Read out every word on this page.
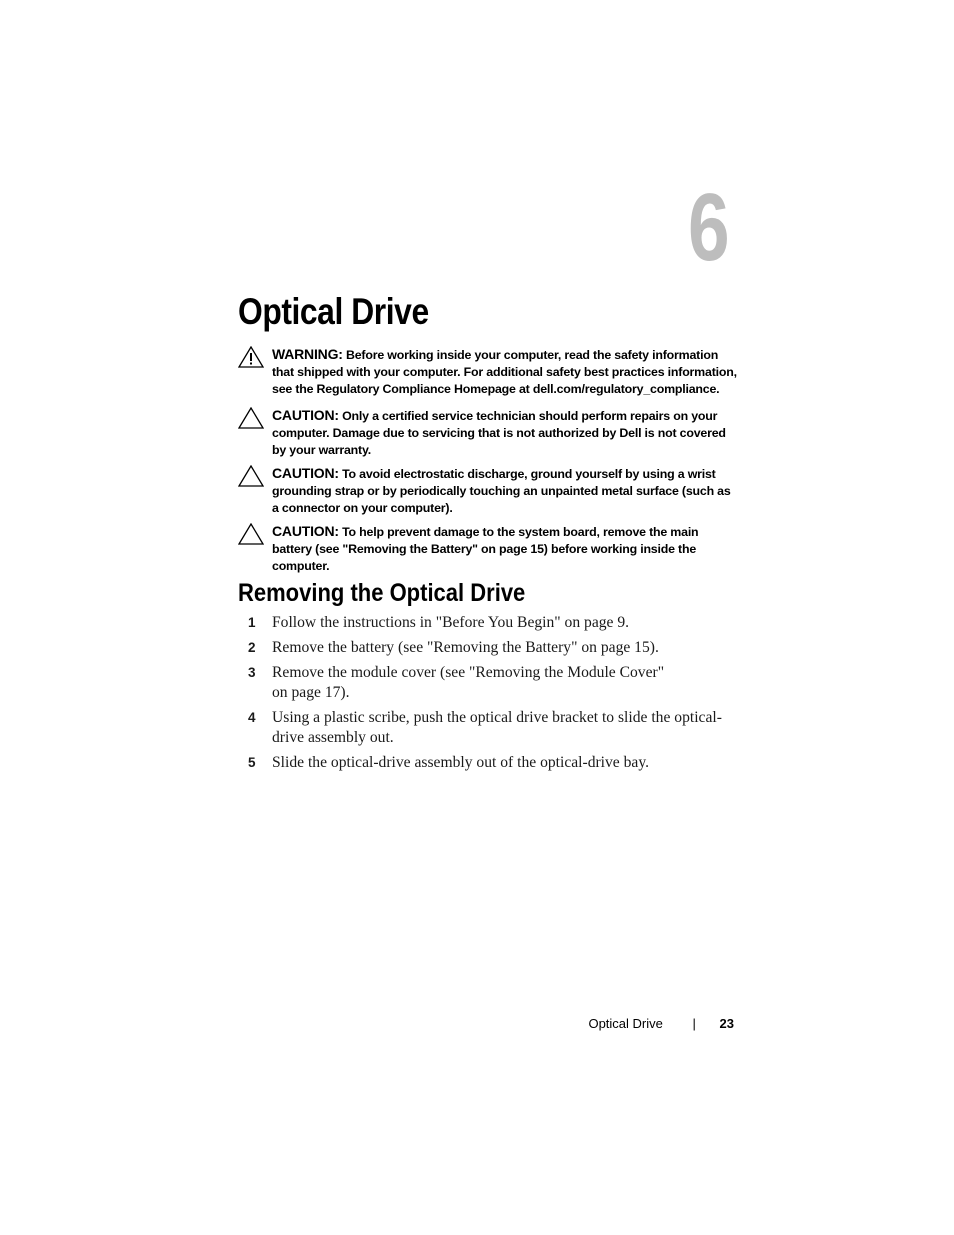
6
Optical Drive
WARNING: Before working inside your computer, read the safety information that shipped with your computer. For additional safety best practices information, see the Regulatory Compliance Homepage at dell.com/regulatory_compliance.
CAUTION: Only a certified service technician should perform repairs on your computer. Damage due to servicing that is not authorized by Dell is not covered by your warranty.
CAUTION: To avoid electrostatic discharge, ground yourself by using a wrist grounding strap or by periodically touching an unpainted metal surface (such as a connector on your computer).
CAUTION: To help prevent damage to the system board, remove the main battery (see "Removing the Battery" on page 15) before working inside the computer.
Removing the Optical Drive
1 Follow the instructions in "Before You Begin" on page 9.
2 Remove the battery (see "Removing the Battery" on page 15).
3 Remove the module cover (see "Removing the Module Cover" on page 17).
4 Using a plastic scribe, push the optical drive bracket to slide the optical-drive assembly out.
5 Slide the optical-drive assembly out of the optical-drive bay.
Optical Drive | 23
